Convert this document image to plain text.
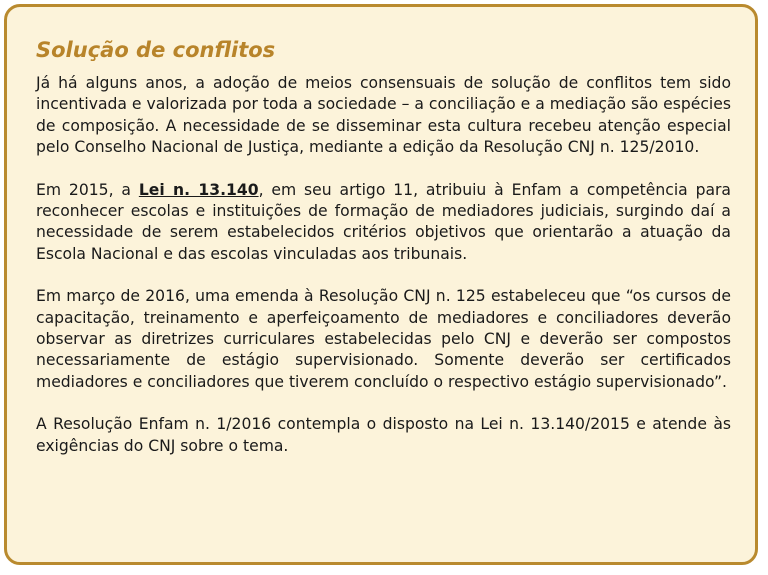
Solução de conflitos

Já há alguns anos, a adoção de meios consensuais de solução de conflitos tem sido incentivada e valorizada por toda a sociedade – a conciliação e a mediação são espécies de composição. A necessidade de se disseminar esta cultura recebeu atenção especial pelo Conselho Nacional de Justiça, mediante a edição da Resolução CNJ n. 125/2010.

Em 2015, a Lei n. 13.140, em seu artigo 11, atribuiu à Enfam a competência para reconhecer escolas e instituições de formação de mediadores judiciais, surgindo daí a necessidade de serem estabelecidos critérios objetivos que orientarão a atuação da Escola Nacional e das escolas vinculadas aos tribunais.

Em março de 2016, uma emenda à Resolução CNJ n. 125 estabeleceu que “os cursos de capacitação, treinamento e aperfeiçoamento de mediadores e conciliadores deverão observar as diretrizes curriculares estabelecidas pelo CNJ e deverão ser compostos necessariamente de estágio supervisionado. Somente deverão ser certificados mediadores e conciliadores que tiverem concluído o respectivo estágio supervisionado”.

A Resolução Enfam n. 1/2016 contempla o disposto na Lei n. 13.140/2015 e atende às exigências do CNJ sobre o tema.
